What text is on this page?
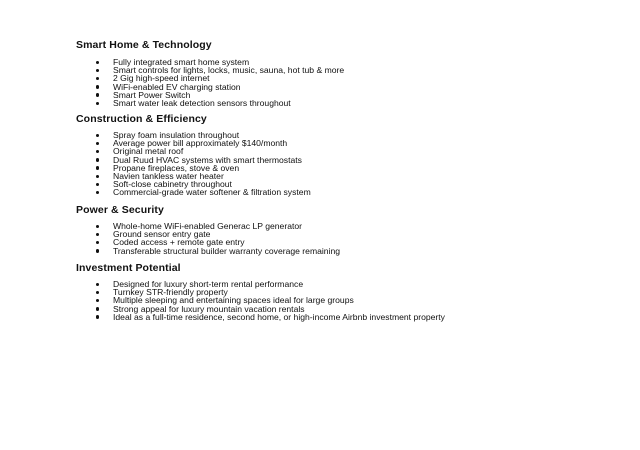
Smart Home & Technology
Fully integrated smart home system
Smart controls for lights, locks, music, sauna, hot tub & more
2 Gig high-speed internet
WiFi-enabled EV charging station
Smart Power Switch
Smart water leak detection sensors throughout
Construction & Efficiency
Spray foam insulation throughout
Average power bill approximately $140/month
Original metal roof
Dual Ruud HVAC systems with smart thermostats
Propane fireplaces, stove & oven
Navien tankless water heater
Soft-close cabinetry throughout
Commercial-grade water softener & filtration system
Power & Security
Whole-home WiFi-enabled Generac LP generator
Ground sensor entry gate
Coded access + remote gate entry
Transferable structural builder warranty coverage remaining
Investment Potential
Designed for luxury short-term rental performance
Turnkey STR-friendly property
Multiple sleeping and entertaining spaces ideal for large groups
Strong appeal for luxury mountain vacation rentals
Ideal as a full-time residence, second home, or high-income Airbnb investment property
